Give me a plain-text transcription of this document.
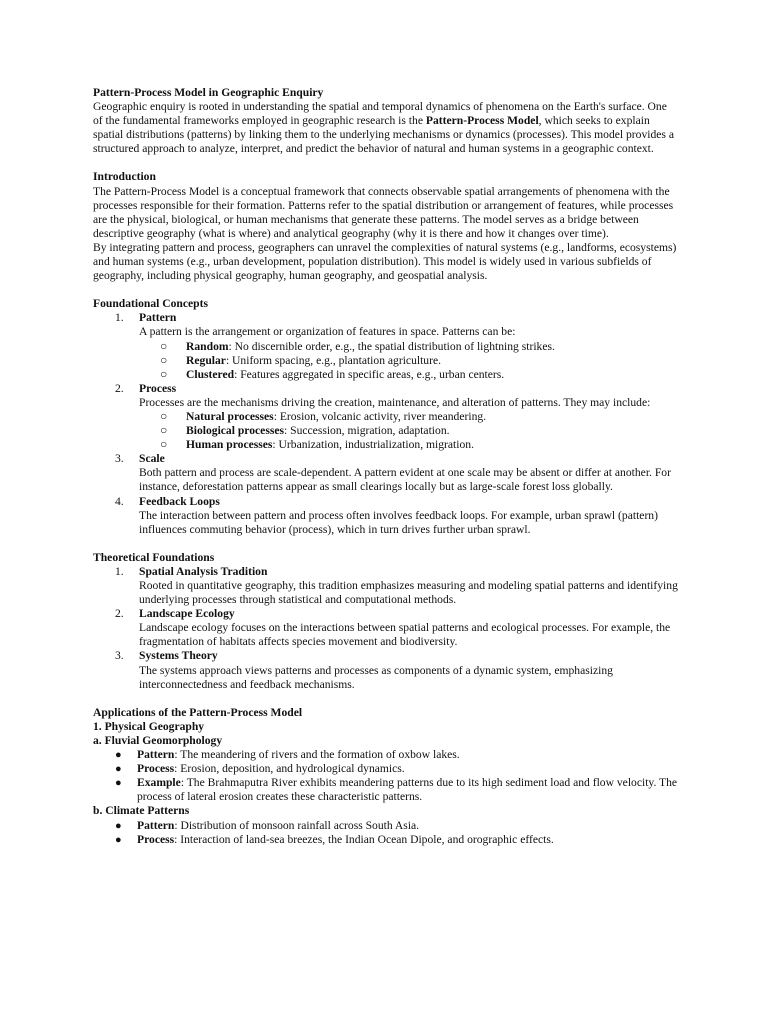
Pattern-Process Model in Geographic Enquiry

Geographic enquiry is rooted in understanding the spatial and temporal dynamics of phenomena on the Earth's surface. One of the fundamental frameworks employed in geographic research is the Pattern-Process Model, which seeks to explain spatial distributions (patterns) by linking them to the underlying mechanisms or dynamics (processes). This model provides a structured approach to analyze, interpret, and predict the behavior of natural and human systems in a geographic context.

Introduction

The Pattern-Process Model is a conceptual framework that connects observable spatial arrangements of phenomena with the processes responsible for their formation. Patterns refer to the spatial distribution or arrangement of features, while processes are the physical, biological, or human mechanisms that generate these patterns. The model serves as a bridge between descriptive geography (what is where) and analytical geography (why it is there and how it changes over time).

By integrating pattern and process, geographers can unravel the complexities of natural systems (e.g., landforms, ecosystems) and human systems (e.g., urban development, population distribution). This model is widely used in various subfields of geography, including physical geography, human geography, and geospatial analysis.

Foundational Concepts
1. Pattern
A pattern is the arrangement or organization of features in space. Patterns can be:
○ Random: No discernible order, e.g., the spatial distribution of lightning strikes.
○ Regular: Uniform spacing, e.g., plantation agriculture.
○ Clustered: Features aggregated in specific areas, e.g., urban centers.
2. Process
Processes are the mechanisms driving the creation, maintenance, and alteration of patterns. They may include:
○ Natural processes: Erosion, volcanic activity, river meandering.
○ Biological processes: Succession, migration, adaptation.
○ Human processes: Urbanization, industrialization, migration.
3. Scale
Both pattern and process are scale-dependent. A pattern evident at one scale may be absent or differ at another. For instance, deforestation patterns appear as small clearings locally but as large-scale forest loss globally.
4. Feedback Loops
The interaction between pattern and process often involves feedback loops. For example, urban sprawl (pattern) influences commuting behavior (process), which in turn drives further urban sprawl.
Theoretical Foundations
1. Spatial Analysis Tradition
Rooted in quantitative geography, this tradition emphasizes measuring and modeling spatial patterns and identifying underlying processes through statistical and computational methods.
2. Landscape Ecology
Landscape ecology focuses on the interactions between spatial patterns and ecological processes. For example, the fragmentation of habitats affects species movement and biodiversity.
3. Systems Theory
The systems approach views patterns and processes as components of a dynamic system, emphasizing interconnectedness and feedback mechanisms.
Applications of the Pattern-Process Model
1. Physical Geography
a. Fluvial Geomorphology
● Pattern: The meandering of rivers and the formation of oxbow lakes.
● Process: Erosion, deposition, and hydrological dynamics.
● Example: The Brahmaputra River exhibits meandering patterns due to its high sediment load and flow velocity. The process of lateral erosion creates these characteristic patterns.
b. Climate Patterns
● Pattern: Distribution of monsoon rainfall across South Asia.
● Process: Interaction of land-sea breezes, the Indian Ocean Dipole, and orographic effects.
